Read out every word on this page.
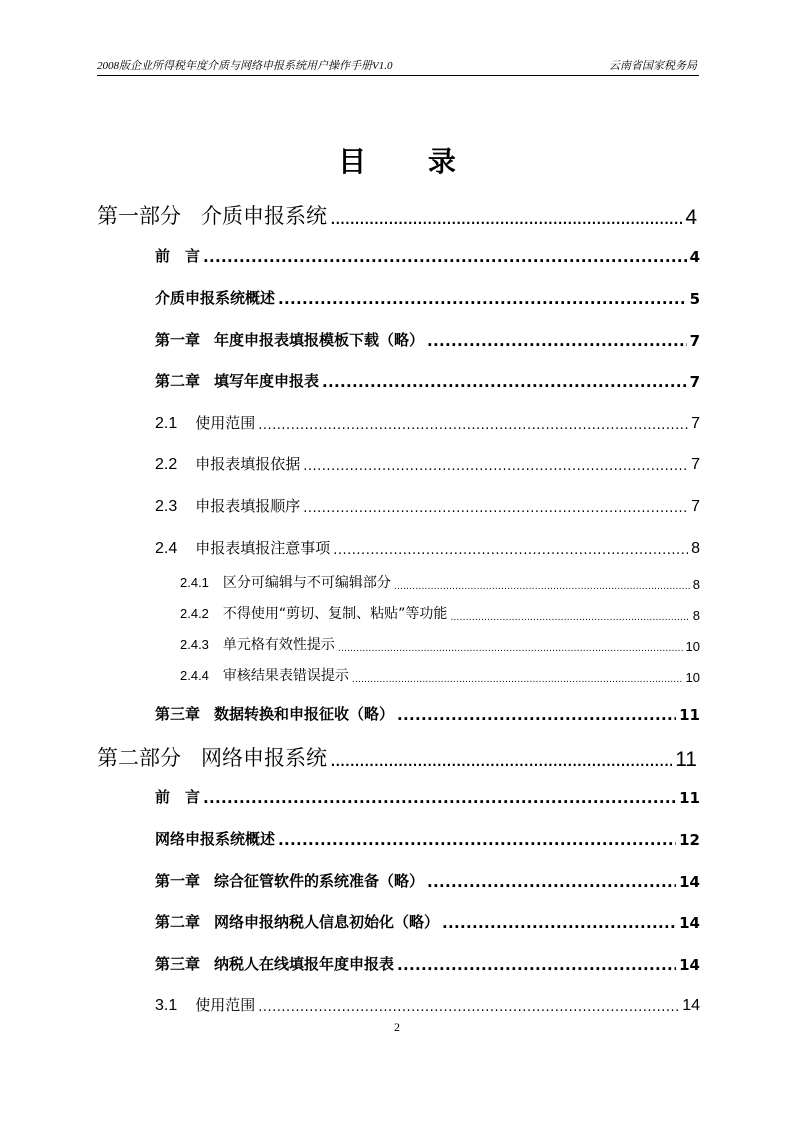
2008版企业所得税年度介质与网络申报系统用户操作手册V1.0	云南省国家税务局
目 录
第一部分 介质申报系统 .....	4
前　言 .....	4
介质申报系统概述 .....	5
第一章 年度申报表填报模板下载（略） .....	7
第二章 填写年度申报表 .....	7
2.1 使用范围 .....	7
2.2 申报表填报依据 .....	7
2.3 申报表填报顺序 .....	7
2.4 申报表填报注意事项 .....	8
2.4.1 区分可编辑与不可编辑部分 .....	8
2.4.2 不得使用“剪切、复制、粘贴”等功能 .....	8
2.4.3 单元格有效性提示 .....	10
2.4.4 审核结果表错误提示 .....	10
第三章 数据转换和申报征收（略） .....	11
第二部分 网络申报系统 .....	11
前　言 .....	11
网络申报系统概述 .....	12
第一章 综合征管软件的系统准备（略） .....	14
第二章 网络申报纳税人信息初始化（略） .....	14
第三章 纳税人在线填报年度申报表 .....	14
3.1 使用范围 .....	14
2
